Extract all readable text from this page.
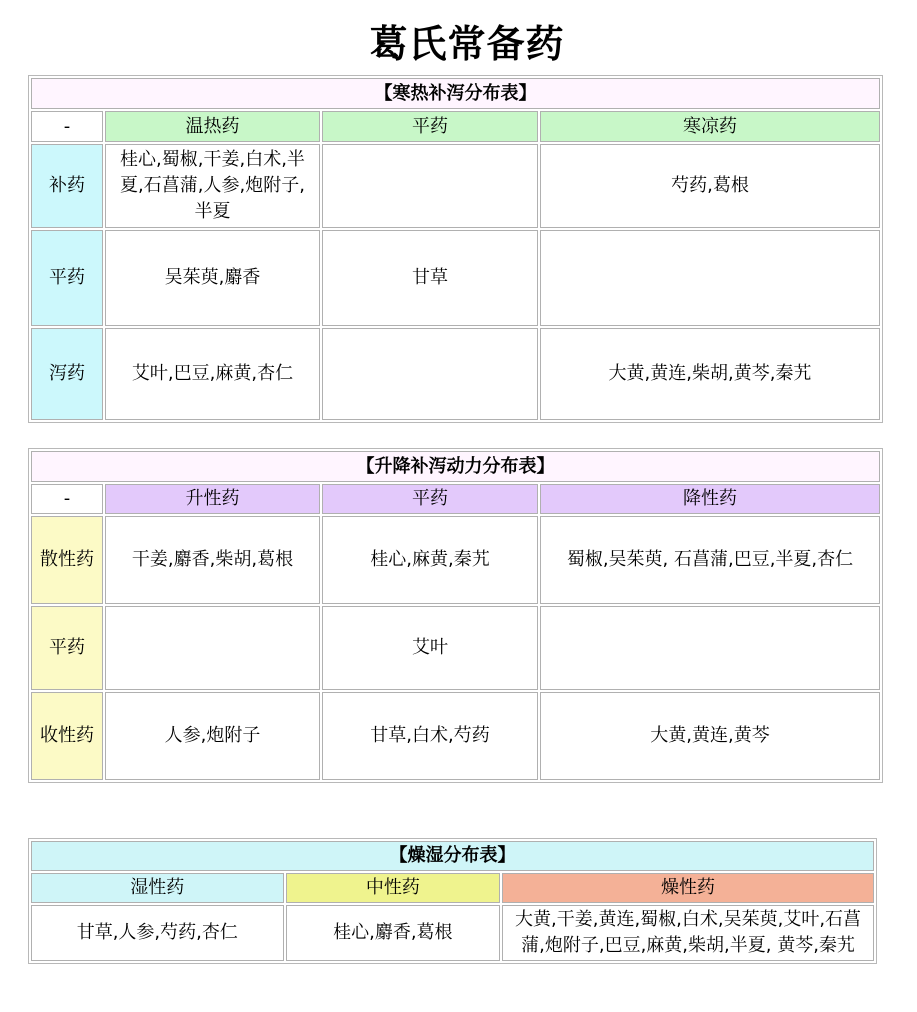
葛氏常备药
【寒热补泻分布表】			
-	温热药	平药	寒凉药
补药	桂心,蜀椒,干姜,白术,半夏,石菖蒲,人参,炮附子,半夏		芍药,葛根
平药	吴茱萸,麝香	甘草	
泻药	艾叶,巴豆,麻黄,杏仁		大黄,黄连,柴胡,黄芩,秦艽
【升降补泻动力分布表】			
-	升性药	平药	降性药
散性药	干姜,麝香,柴胡,葛根	桂心,麻黄,秦艽	蜀椒,吴茱萸, 石菖蒲,巴豆,半夏,杏仁
平药		艾叶	
收性药	人参,炮附子	甘草,白术,芍药	大黄,黄连,黄芩
【燥湿分布表】		
湿性药	中性药	燥性药
甘草,人参,芍药,杏仁	桂心,麝香,葛根	大黄,干姜,黄连,蜀椒,白术,吴茱萸,艾叶,石菖蒲,炮附子,巴豆,麻黄,柴胡,半夏, 黄芩,秦艽
